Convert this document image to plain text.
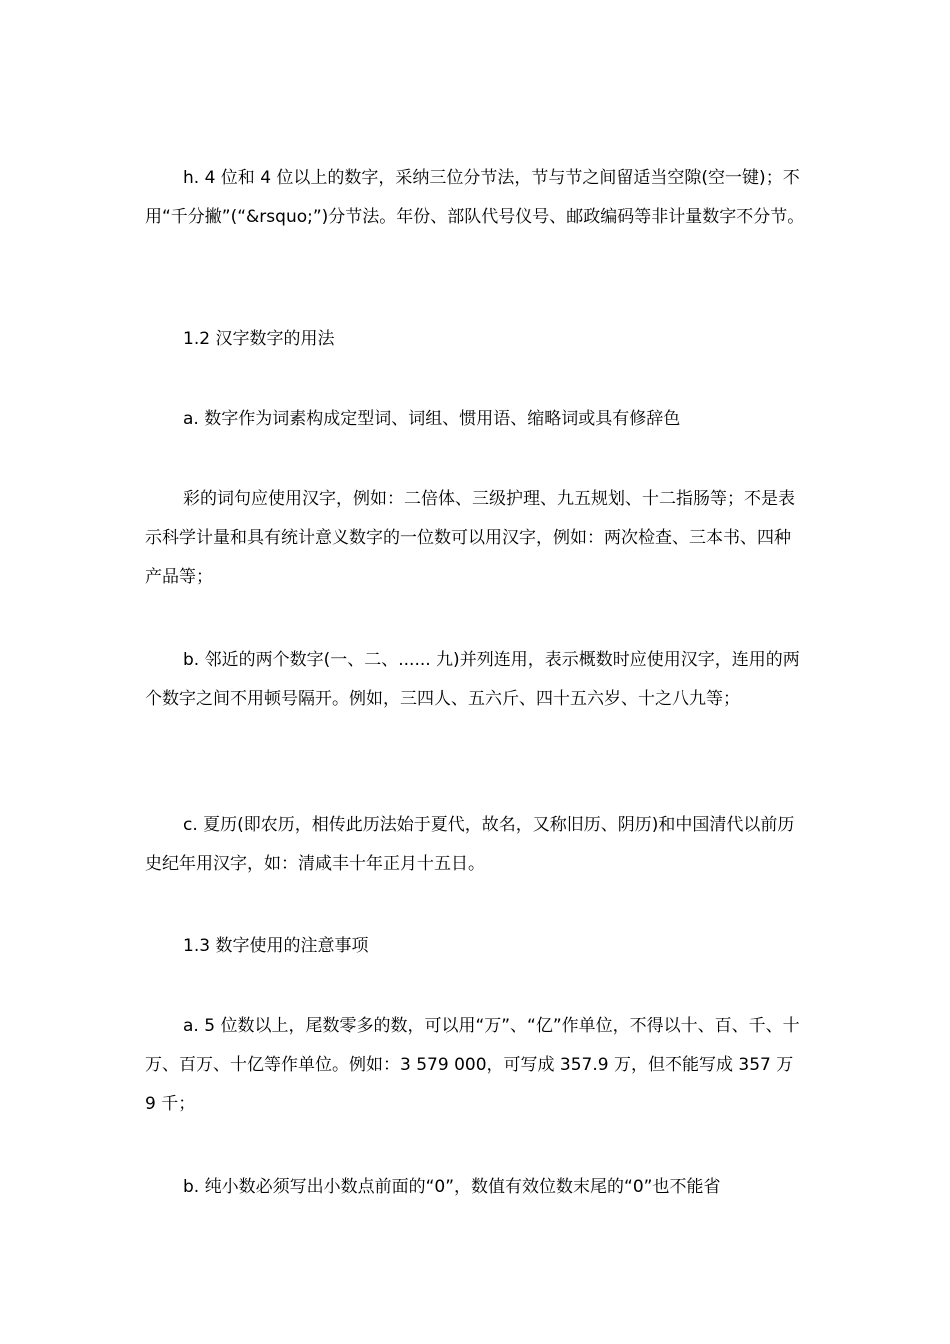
h. 4 位和 4 位以上的数字，采纳三位分节法，节与节之间留适当空隙(空一键)；不用“千分撇”(“&rsquo;”)分节法。年份、部队代号仪号、邮政编码等非计量数字不分节。

1.2 汉字数字的用法

a. 数字作为词素构成定型词、词组、惯用语、缩略词或具有修辞色

彩的词句应使用汉字，例如：二倍体、三级护理、九五规划、十二指肠等；不是表示科学计量和具有统计意义数字的一位数可以用汉字，例如：两次检查、三本书、四种产品等；

b. 邻近的两个数字(一、二、...... 九)并列连用，表示概数时应使用汉字，连用的两个数字之间不用顿号隔开。例如，三四人、五六斤、四十五六岁、十之八九等；

c. 夏历(即农历，相传此历法始于夏代，故名，又称旧历、阴历)和中国清代以前历史纪年用汉字，如：清咸丰十年正月十五日。

1.3 数字使用的注意事项

a. 5 位数以上，尾数零多的数，可以用“万”、“亿”作单位，不得以十、百、千、十万、百万、十亿等作单位。例如：3 579 000，可写成 357.9 万，但不能写成 357 万 9 千；

b. 纯小数必须写出小数点前面的“0”，数值有效位数末尾的“0”也不能省
